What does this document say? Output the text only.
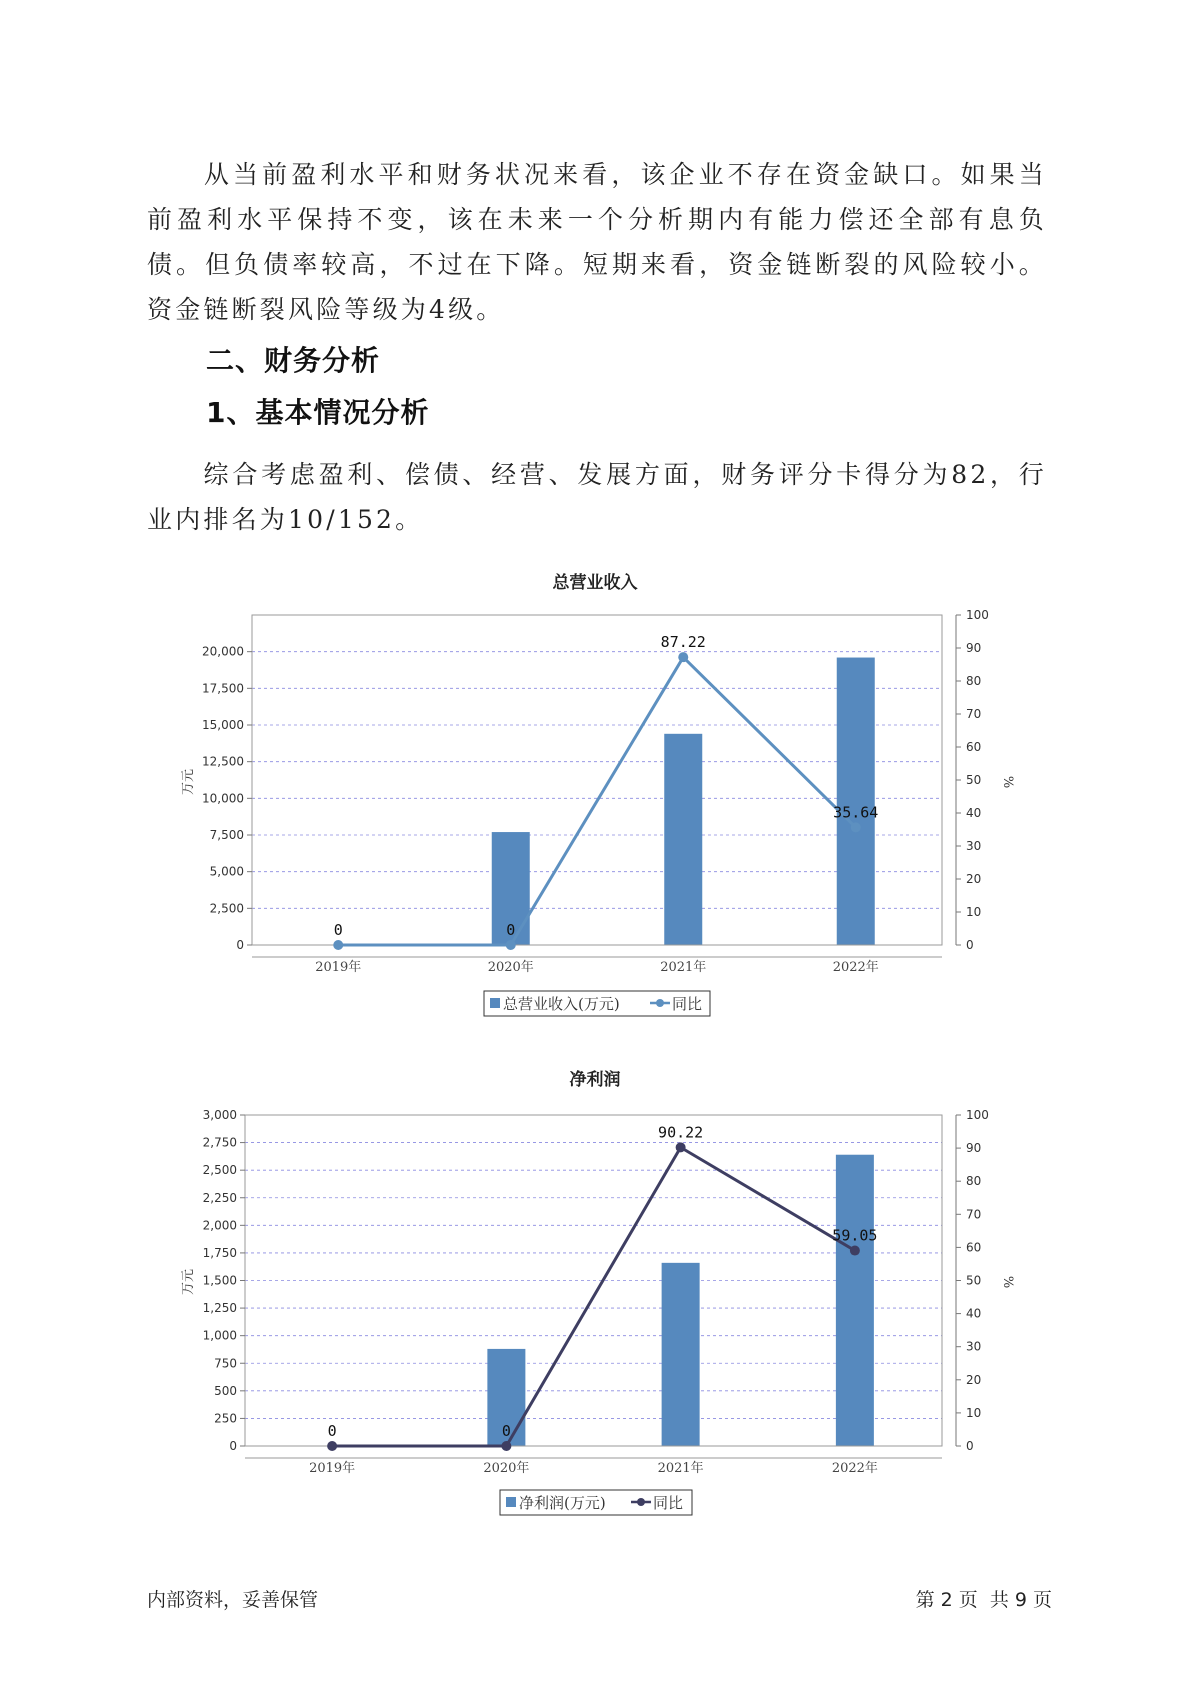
从当前盈利水平和财务状况来看，该企业不存在资金缺口。如果当前盈利水平保持不变，该在未来一个分析期内有能力偿还全部有息负债。但负债率较高，不过在下降。短期来看，资金链断裂的风险较小。资金链断裂风险等级为4级。

二、财务分析
1、基本情况分析

综合考虑盈利、偿债、经营、发展方面，财务评分卡得分为82，行业内排名为10/152。

总营业收入
0
2,500
5,000
7,500
10,000
12,500
15,000
17,500
20,000
0
10
20
30
40
50
60
70
80
90
100
2019年	2020年	2021年	2022年
0	0
87.22
35.64
万元	%
总营业收入(万元)	同比
净利润
0
250
500
750
1,000
1,250
1,500
1,750
2,000
2,250
2,500
2,750
3,000
0
10
20
30
40
50
60
70
80
90
100
2019年	2020年	2021年	2022年
0	0
90.22
59.05
万元	%
净利润(万元)	同比

内部资料，妥善保管	第 2 页  共 9 页
